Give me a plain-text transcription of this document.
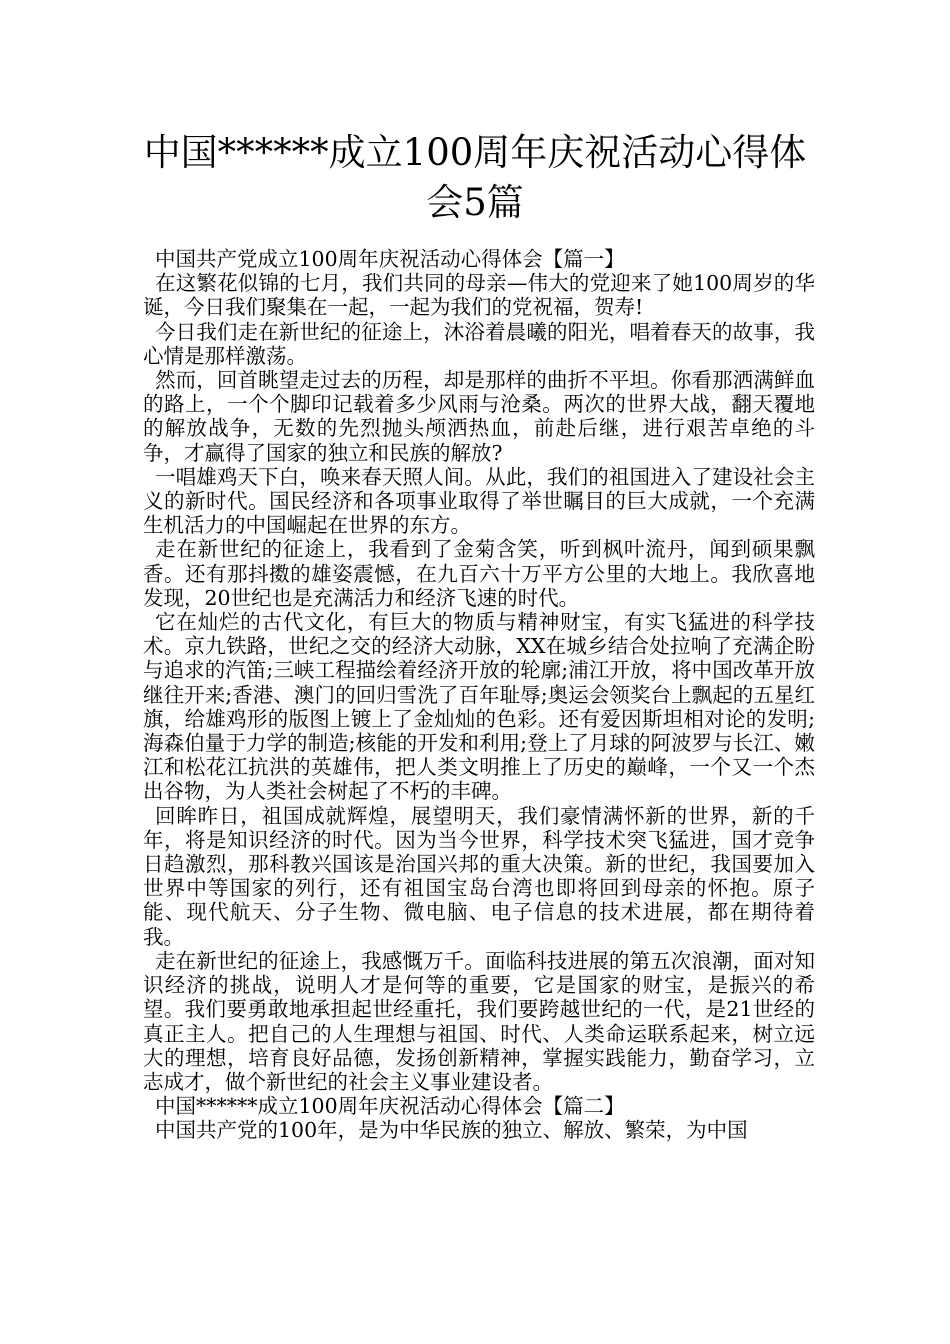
中国******成立100周年庆祝活动心得体
会5篇

中国共产党成立100周年庆祝活动心得体会【篇一】

在这繁花似锦的七月，我们共同的母亲—伟大的党迎来了她100周岁的华诞，今日我们聚集在一起，一起为我们的党祝福，贺寿!

今日我们走在新世纪的征途上，沐浴着晨曦的阳光，唱着春天的故事，我心情是那样激荡。

然而，回首眺望走过去的历程，却是那样的曲折不平坦。你看那洒满鲜血的路上，一个个脚印记载着多少风雨与沧桑。两次的世界大战，翻天覆地的解放战争，无数的先烈抛头颅洒热血，前赴后继，进行艰苦卓绝的斗争，才赢得了国家的独立和民族的解放?

一唱雄鸡天下白，唤来春天照人间。从此，我们的祖国进入了建设社会主义的新时代。国民经济和各项事业取得了举世瞩目的巨大成就，一个充满生机活力的中国崛起在世界的东方。

走在新世纪的征途上，我看到了金菊含笑，听到枫叶流丹，闻到硕果飘香。还有那抖擞的雄姿震憾，在九百六十万平方公里的大地上。我欣喜地发现，20世纪也是充满活力和经济飞速的时代。

它在灿烂的古代文化，有巨大的物质与精神财宝，有实飞猛进的科学技术。京九铁路，世纪之交的经济大动脉，XX在城乡结合处拉响了充满企盼与追求的汽笛;三峡工程描绘着经济开放的轮廓;浦江开放，将中国改革开放继往开来;香港、澳门的回归雪洗了百年耻辱;奥运会领奖台上飘起的五星红旗，给雄鸡形的版图上镀上了金灿灿的色彩。还有爱因斯坦相对论的发明;海森伯量于力学的制造;核能的开发和利用;登上了月球的阿波罗与长江、嫩江和松花江抗洪的英雄伟，把人类文明推上了历史的巅峰，一个又一个杰出谷物，为人类社会树起了不朽的丰碑。

回眸昨日，祖国成就辉煌，展望明天，我们豪情满怀新的世界，新的千年，将是知识经济的时代。因为当今世界，科学技术突飞猛进，国才竞争日趋激烈，那科教兴国该是治国兴邦的重大决策。新的世纪，我国要加入世界中等国家的列行，还有祖国宝岛台湾也即将回到母亲的怀抱。原子能、现代航天、分子生物、微电脑、电子信息的技术进展，都在期待着我。

走在新世纪的征途上，我感慨万千。面临科技进展的第五次浪潮，面对知识经济的挑战，说明人才是何等的重要，它是国家的财宝，是振兴的希望。我们要勇敢地承担起世经重托，我们要跨越世纪的一代，是21世经的真正主人。把自己的人生理想与祖国、时代、人类命运联系起来，树立远大的理想，培育良好品德，发扬创新精神，掌握实践能力，勤奋学习，立志成才，做个新世纪的社会主义事业建设者。

中国******成立100周年庆祝活动心得体会【篇二】

中国共产党的100年，是为中华民族的独立、解放、繁荣，为中国
